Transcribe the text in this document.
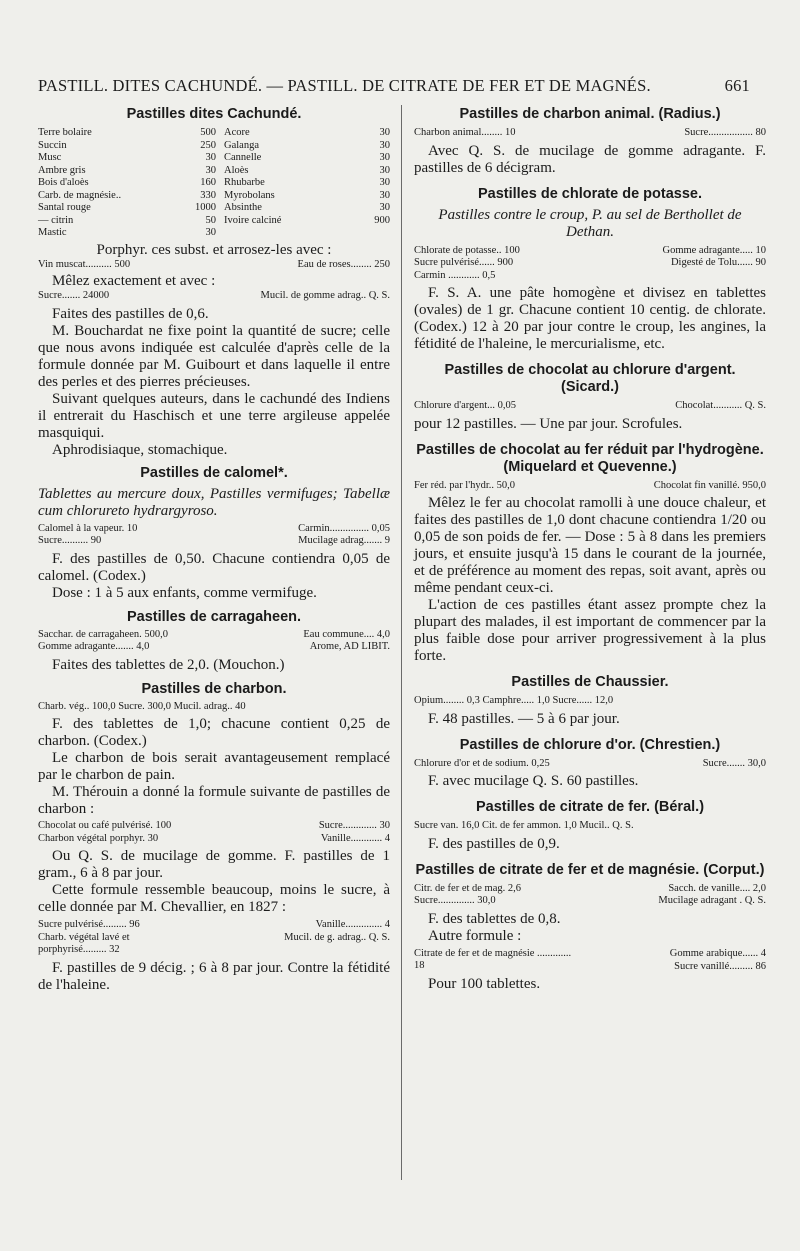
PASTILL. DITES CACHUNDÉ. — PASTILL. DE CITRATE DE FER ET DE MAGNÉS.	661
Pastilles dites Cachundé.
Terre bolaire	500
Succin	250
Musc	30
Ambre gris	30
Bois d'aloès	160
Carb. de magnésie..	330
Santal rouge	1000
— citrin	50
Mastic	30
Acore	30
Galanga	30
Cannelle	30
Aloès	30
Rhubarbe	30
Myrobolans	30
Absinthe	30
Ivoire calciné	900

Porphyr. ces subst. et arrosez-les avec :

Vin muscat.......... 500	Eau de roses........ 250

Mêlez exactement et avec :

Sucre....... 24000	Mucil. de gomme adrag.. Q. S.

Faites des pastilles de 0,6.

M. Bouchardat ne fixe point la quantité de sucre; celle que nous avons indiquée est calculée d'après celle de la formule donnée par M. Guibourt et dans laquelle il entre des perles et des pierres précieuses.

Suivant quelques auteurs, dans le cachundé des Indiens il entrerait du Haschisch et une terre argileuse appelée masquiqui.

Aphrodisiaque, stomachique.

Pastilles de calomel*.

Tablettes au mercure doux, Pastilles vermifuges; Tabellæ cum chlorureto hydrargyroso.

Calomel à la vapeur. 10	Carmin............... 0,05
Sucre.......... 90	Mucilage adrag....... 9

F. des pastilles de 0,50. Chacune contiendra 0,05 de calomel. (Codex.)

Dose : 1 à 5 aux enfants, comme vermifuge.

Pastilles de carragaheen.
Sacchar. de carragaheen. 500,0	Eau commune.... 4,0
Gomme adragante....... 4,0	Arome, AD LIBIT.

Faites des tablettes de 2,0. (Mouchon.)

Pastilles de charbon.
Charb. vég.. 100,0 Sucre. 300,0 Mucil. adrag.. 40

F. des tablettes de 1,0; chacune contient 0,25 de charbon. (Codex.)

Le charbon de bois serait avantageusement remplacé par le charbon de pain.

M. Thérouin a donné la formule suivante de pastilles de charbon :

Chocolat ou café pulvérisé. 100	Sucre............. 30
Charbon végétal porphyr. 30	Vanille............ 4

Ou Q. S. de mucilage de gomme. F. pastilles de 1 gram., 6 à 8 par jour.

Cette formule ressemble beaucoup, moins le sucre, à celle donnée par M. Chevallier, en 1827 :

Sucre pulvérisé......... 96	Vanille.............. 4
Charb. végétal lavé et	Mucil. de g. adrag.. Q. S.
porphyrisé......... 32

F. pastilles de 9 décig. ; 6 à 8 par jour. Contre la fétidité de l'haleine.

Pastilles de charbon animal. (Radius.)
Charbon animal........ 10	Sucre................. 80

Avec Q. S. de mucilage de gomme adragante. F. pastilles de 6 décigram.

Pastilles de chlorate de potasse.

Pastilles contre le croup, P. au sel de Berthollet de Dethan.

Chlorate de potasse.. 100	Gomme adragante..... 10
Sucre pulvérisé...... 900	Digesté de Tolu...... 90
Carmin ............ 0,5

F. S. A. une pâte homogène et divisez en tablettes (ovales) de 1 gr. Chacune contient 10 centig. de chlorate. (Codex.) 12 à 20 par jour contre le croup, les angines, la fétidité de l'haleine, le mercurialisme, etc.

Pastilles de chocolat au chlorure d'argent. (Sicard.)
Chlorure d'argent... 0,05	Chocolat........... Q. S.

pour 12 pastilles. — Une par jour. Scrofules.

Pastilles de chocolat au fer réduit par l'hydrogène. (Miquelard et Quevenne.)
Fer réd. par l'hydr.. 50,0	Chocolat fin vanillé. 950,0

Mêlez le fer au chocolat ramolli à une douce chaleur, et faites des pastilles de 1,0 dont chacune contiendra 1/20 ou 0,05 de son poids de fer. — Dose : 5 à 8 dans les premiers jours, et ensuite jusqu'à 15 dans le courant de la journée, et de préférence au moment des repas, soit avant, après ou même pendant ceux-ci.

L'action de ces pastilles étant assez prompte chez la plupart des malades, il est important de commencer par la plus faible dose pour arriver progressivement à la plus forte.

Pastilles de Chaussier.
Opium........ 0,3 Camphre..... 1,0 Sucre...... 12,0

F. 48 pastilles. — 5 à 6 par jour.

Pastilles de chlorure d'or. (Chrestien.)
Chlorure d'or et de sodium. 0,25	Sucre....... 30,0

F. avec mucilage Q. S. 60 pastilles.

Pastilles de citrate de fer. (Béral.)
Sucre van. 16,0 Cit. de fer ammon. 1,0 Mucil.. Q. S.

F. des pastilles de 0,9.

Pastilles de citrate de fer et de magnésie. (Corput.)
Citr. de fer et de mag. 2,6	Sacch. de vanille.... 2,0
Sucre.............. 30,0	Mucilage adragant . Q. S.

F. des tablettes de 0,8.

Autre formule :

Citrate de fer et de magnésie ............. 18
Gomme arabique...... 4
Sucre vanillé......... 86

Pour 100 tablettes.
